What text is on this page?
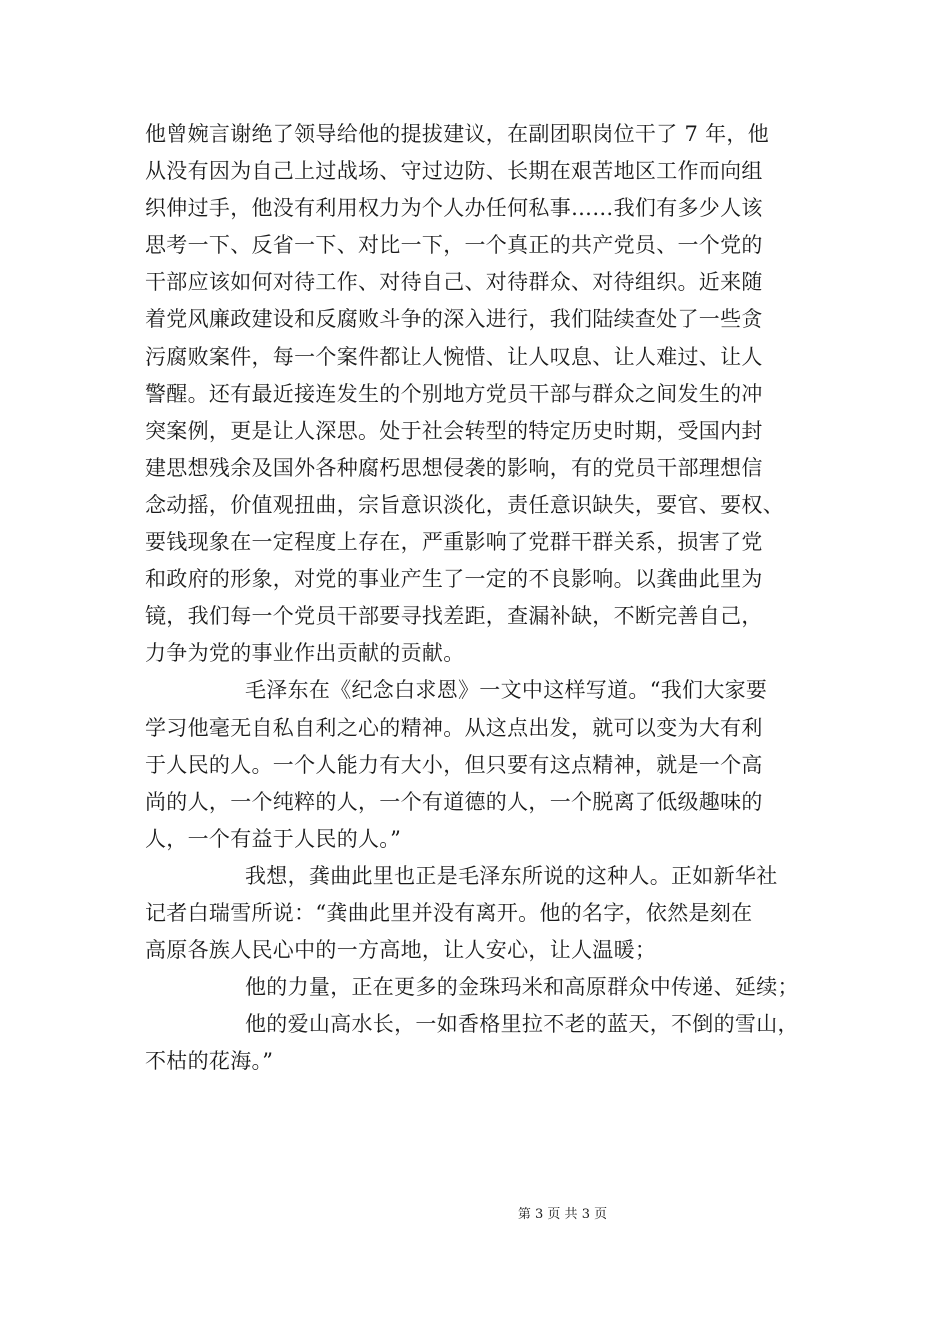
他曾婉言谢绝了领导给他的提拔建议，在副团职岗位干了 7 年，他
从没有因为自己上过战场、守过边防、长期在艰苦地区工作而向组
织伸过手，他没有利用权力为个人办任何私事……我们有多少人该
思考一下、反省一下、对比一下，一个真正的共产党员、一个党的
干部应该如何对待工作、对待自己、对待群众、对待组织。近来随
着党风廉政建设和反腐败斗争的深入进行，我们陆续查处了一些贪
污腐败案件，每一个案件都让人惋惜、让人叹息、让人难过、让人
警醒。还有最近接连发生的个别地方党员干部与群众之间发生的冲
突案例，更是让人深思。处于社会转型的特定历史时期，受国内封
建思想残余及国外各种腐朽思想侵袭的影响，有的党员干部理想信
念动摇，价值观扭曲，宗旨意识淡化，责任意识缺失，要官、要权、
要钱现象在一定程度上存在，严重影响了党群干群关系，损害了党
和政府的形象，对党的事业产生了一定的不良影响。以龚曲此里为
镜，我们每一个党员干部要寻找差距，查漏补缺，不断完善自己，
力争为党的事业作出贡献的贡献。
毛泽东在《纪念白求恩》一文中这样写道。“我们大家要
学习他毫无自私自利之心的精神。从这点出发，就可以变为大有利
于人民的人。一个人能力有大小，但只要有这点精神，就是一个高
尚的人，一个纯粹的人，一个有道德的人，一个脱离了低级趣味的
人，一个有益于人民的人。”
我想，龚曲此里也正是毛泽东所说的这种人。正如新华社
记者白瑞雪所说：“龚曲此里并没有离开。他的名字，依然是刻在
高原各族人民心中的一方高地，让人安心，让人温暖；
他的力量，正在更多的金珠玛米和高原群众中传递、延续；
他的爱山高水长，一如香格里拉不老的蓝天，不倒的雪山，
不枯的花海。”
第 3 页 共 3 页
